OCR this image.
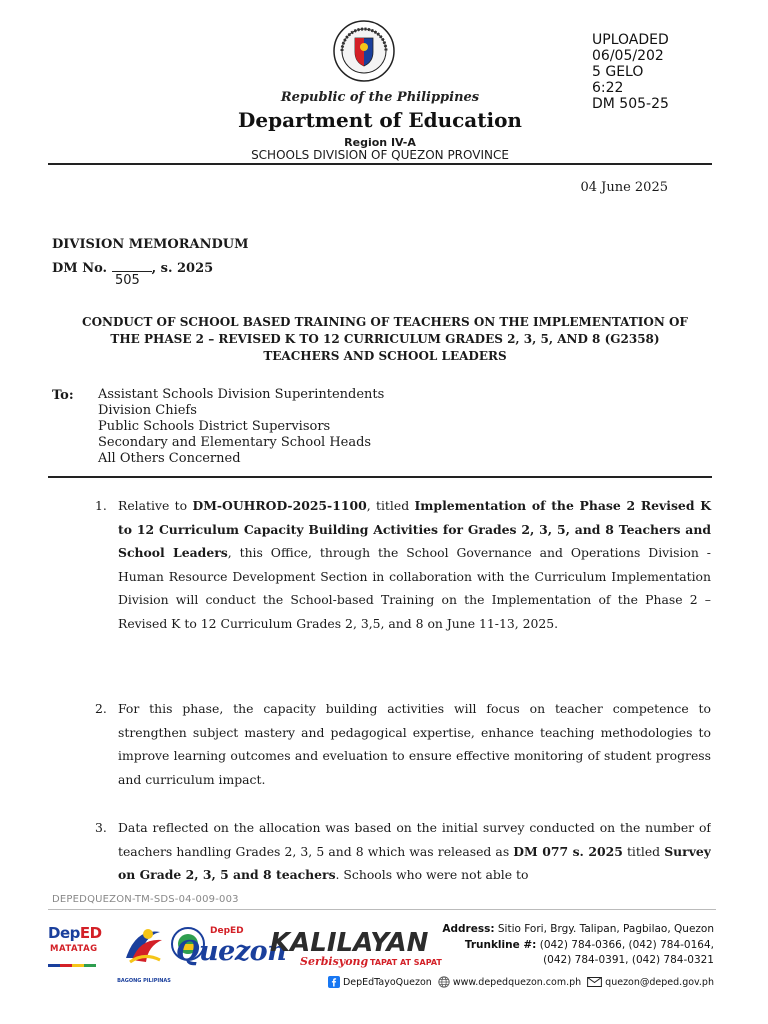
UPLOADED
06/05/202
5 GELO
6:22
DM 505-25
Republic of the Philippines
Department of Education
Region IV-A
SCHOOLS DIVISION OF QUEZON PROVINCE
04 June 2025
DIVISION MEMORANDUM
DM No.	, s. 2025
505
CONDUCT OF SCHOOL BASED TRAINING OF TEACHERS ON THE IMPLEMENTATION OF
THE PHASE 2 – REVISED K TO 12 CURRICULUM GRADES 2, 3, 5, AND 8 (G2358)
TEACHERS AND SCHOOL LEADERS
To: Assistant Schools Division Superintendents
Division Chiefs
Public Schools District Supervisors
Secondary and Elementary School Heads
All Others Concerned
1. Relative to DM-OUHROD-2025-1100, titled Implementation of the Phase 2 Revised K to 12 Curriculum Capacity Building Activities for Grades 2, 3, 5, and 8 Teachers and School Leaders, this Office, through the School Governance and Operations Division - Human Resource Development Section in collaboration with the Curriculum Implementation Division will conduct the School-based Training on the Implementation of the Phase 2 – Revised K to 12 Curriculum Grades 2, 3,5, and 8 on June 11-13, 2025.
2. For this phase, the capacity building activities will focus on teacher competence to strengthen subject mastery and pedagogical expertise, enhance teaching methodologies to improve learning outcomes and eveluation to ensure effective monitoring of student progress and curriculum impact.
3. Data reflected on the allocation was based on the initial survey conducted on the number of teachers handling Grades 2, 3, 5 and 8 which was released as DM 077 s. 2025 titled Survey on Grade 2, 3, 5 and 8 teachers. Schools who were not able to
DEPEDQUEZON-TM-SDS-04-009-003
DepED
MATATAG
BAGONG PILIPINAS
DepED
Quezon
KALILAYAN
Serbisyong TAPAT AT SAPAT
Address: Sitio Fori, Brgy. Talipan, Pagbilao, Quezon
Trunkline #: (042) 784-0366, (042) 784-0164,
(042) 784-0391, (042) 784-0321
DepEdTayoQuezon www.depedquezon.com.ph	quezon@deped.gov.ph
